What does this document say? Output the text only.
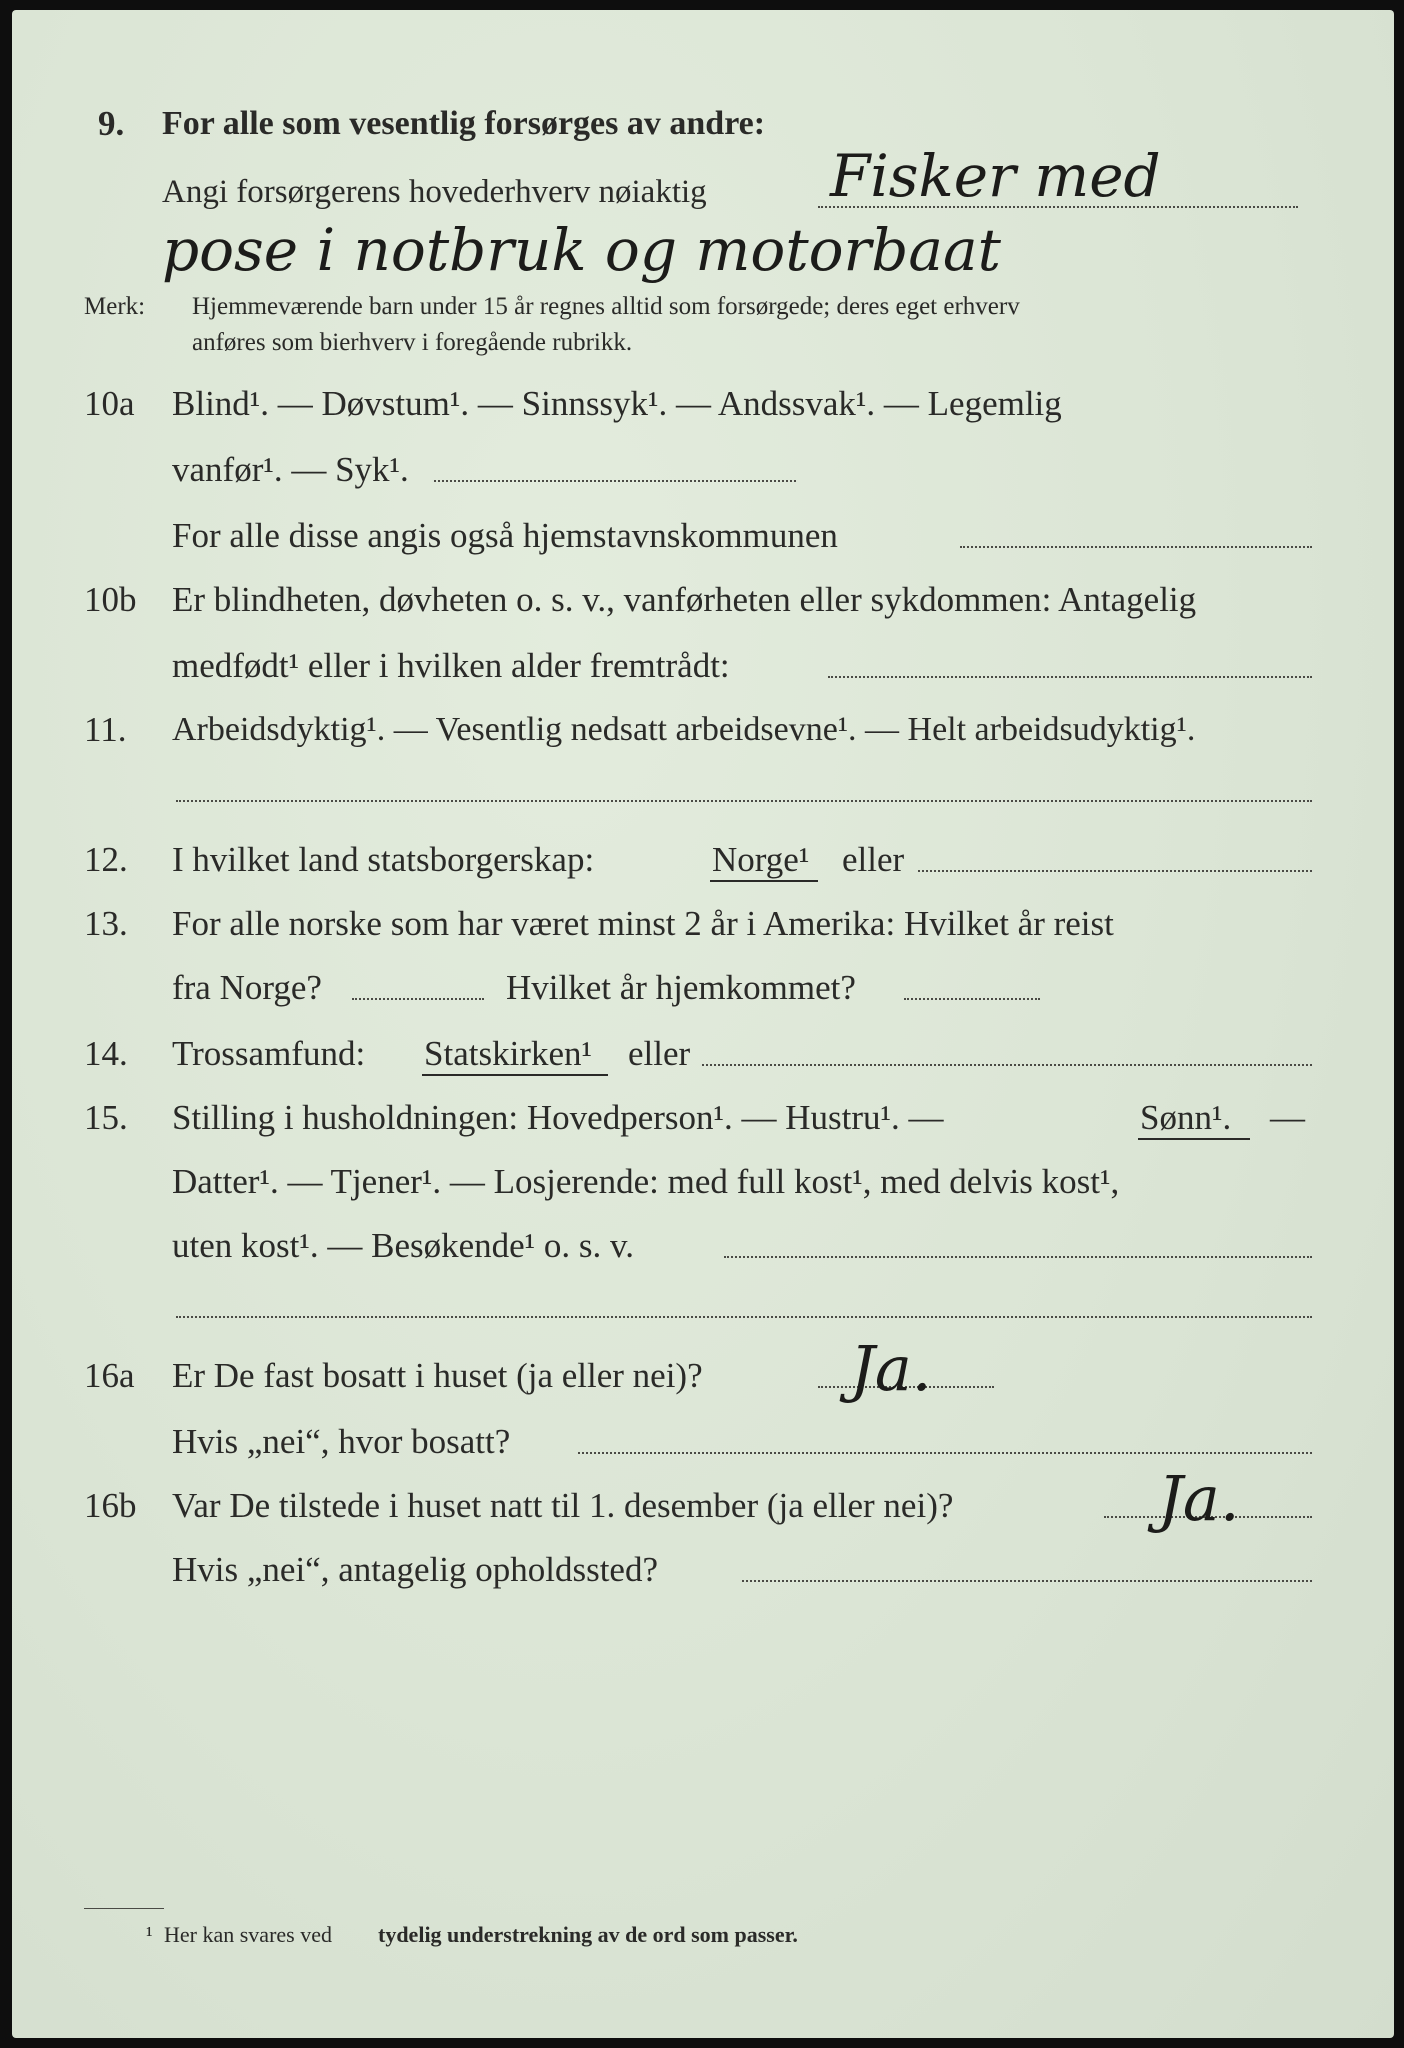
9. For alle som vesentlig forsørges av andre:
Angi forsørgerens hovederhverv nøiaktig Fisker med
pose i notbruk og motorbaat
Merk: Hjemmeværende barn under 15 år regnes alltid som forsørgede; deres eget erhverv
anføres som bierhverv i foregående rubrikk.
10a Blind¹. — Døvstum¹. — Sinnssyk¹. — Andssvak¹. — Legemlig
vanfør¹. — Syk¹.
For alle disse angis også hjemstavnskommunen
10b Er blindheten, døvheten o. s. v., vanførheten eller sykdommen: Antagelig
medfødt¹ eller i hvilken alder fremtrådt:
11. Arbeidsdyktig¹. — Vesentlig nedsatt arbeidsevne¹. — Helt arbeidsudyktig¹.
12. I hvilket land statsborgerskap:	Norge¹ eller
13. For alle norske som har været minst 2 år i Amerika: Hvilket år reist
fra Norge?	Hvilket år hjemkommet?
14. Trossamfund: Statskirken¹ eller
15. Stilling i husholdningen: Hovedperson¹. — Hustru¹. —	Sønn¹. —
Datter¹. — Tjener¹. — Losjerende: med full kost¹, med delvis kost¹,
uten kost¹. — Besøkende¹ o. s. v.
16a Er De fast bosatt i huset (ja eller nei)? Ja.
Hvis „nei“, hvor bosatt?
16b Var De tilstede i huset natt til 1. desember (ja eller nei)?	Ja.
Hvis „nei“, antagelig opholdssted?
¹ Her kan svares ved tydelig understrekning av de ord som passer.
